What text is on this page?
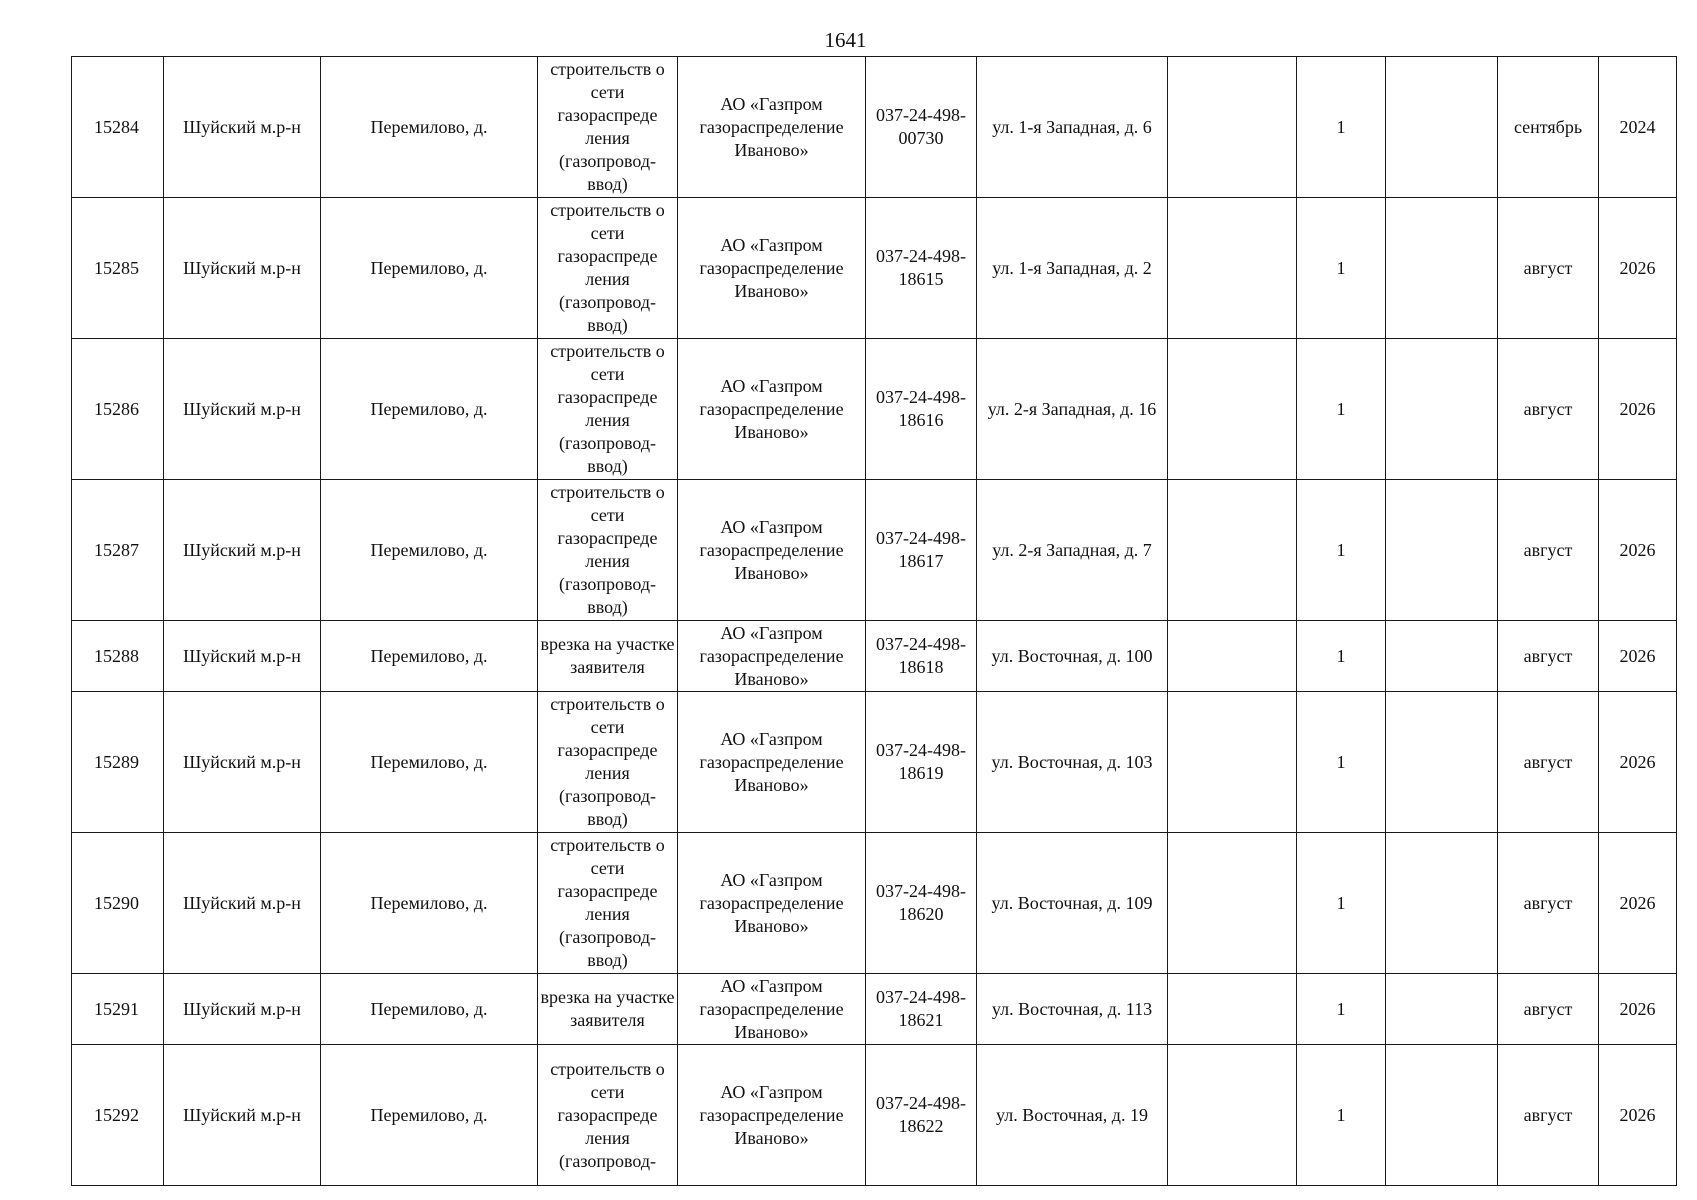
1641
15284	Шуйский м.р-н	Перемилово, д.	строительств о сети газораспреде ления (газопровод-ввод)	АО «Газпром газораспределение Иваново»	037-24-498-00730	ул. 1-я Западная, д. 6		1		сентябрь	2024
15285	Шуйский м.р-н	Перемилово, д.	строительств о сети газораспреде ления (газопровод-ввод)	АО «Газпром газораспределение Иваново»	037-24-498-18615	ул. 1-я Западная, д. 2		1		август	2026
15286	Шуйский м.р-н	Перемилово, д.	строительств о сети газораспреде ления (газопровод-ввод)	АО «Газпром газораспределение Иваново»	037-24-498-18616	ул. 2-я Западная, д. 16		1		август	2026
15287	Шуйский м.р-н	Перемилово, д.	строительств о сети газораспреде ления (газопровод-ввод)	АО «Газпром газораспределение Иваново»	037-24-498-18617	ул. 2-я Западная, д. 7		1		август	2026
15288	Шуйский м.р-н	Перемилово, д.	врезка на участке заявителя	АО «Газпром газораспределение Иваново»	037-24-498-18618	ул. Восточная, д. 100		1		август	2026
15289	Шуйский м.р-н	Перемилово, д.	строительств о сети газораспреде ления (газопровод-ввод)	АО «Газпром газораспределение Иваново»	037-24-498-18619	ул. Восточная, д. 103		1		август	2026
15290	Шуйский м.р-н	Перемилово, д.	строительств о сети газораспреде ления (газопровод-ввод)	АО «Газпром газораспределение Иваново»	037-24-498-18620	ул. Восточная, д. 109		1		август	2026
15291	Шуйский м.р-н	Перемилово, д.	врезка на участке заявителя	АО «Газпром газораспределение Иваново»	037-24-498-18621	ул. Восточная, д. 113		1		август	2026
15292	Шуйский м.р-н	Перемилово, д.	строительств о сети газораспреде ления (газопровод-	АО «Газпром газораспределение Иваново»	037-24-498-18622	ул. Восточная, д. 19		1		август	2026
